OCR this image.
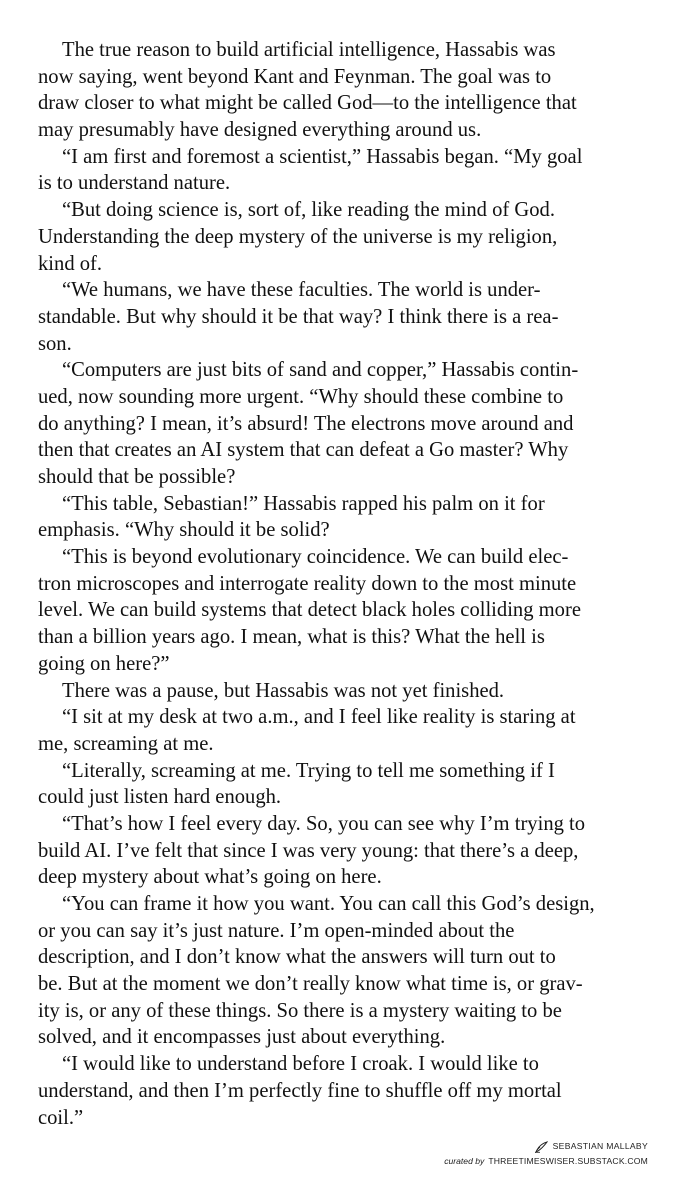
The true reason to build artificial intelligence, Hassabis was
now saying, went beyond Kant and Feynman. The goal was to
draw closer to what might be called God—to the intelligence that
may presumably have designed everything around us.
“I am first and foremost a scientist,” Hassabis began. “My goal
is to understand nature.
“But doing science is, sort of, like reading the mind of God.
Understanding the deep mystery of the universe is my religion,
kind of.
“We humans, we have these faculties. The world is under-
standable. But why should it be that way? I think there is a rea-
son.
“Computers are just bits of sand and copper,” Hassabis contin-
ued, now sounding more urgent. “Why should these combine to
do anything? I mean, it’s absurd! The electrons move around and
then that creates an AI system that can defeat a Go master? Why
should that be possible?
“This table, Sebastian!” Hassabis rapped his palm on it for
emphasis. “Why should it be solid?
“This is beyond evolutionary coincidence. We can build elec-
tron microscopes and interrogate reality down to the most minute
level. We can build systems that detect black holes colliding more
than a billion years ago. I mean, what is this? What the hell is
going on here?”
There was a pause, but Hassabis was not yet finished.
“I sit at my desk at two a.m., and I feel like reality is staring at
me, screaming at me.
“Literally, screaming at me. Trying to tell me something if I
could just listen hard enough.
“That’s how I feel every day. So, you can see why I’m trying to
build AI. I’ve felt that since I was very young: that there’s a deep,
deep mystery about what’s going on here.
“You can frame it how you want. You can call this God’s design,
or you can say it’s just nature. I’m open-minded about the
description, and I don’t know what the answers will turn out to
be. But at the moment we don’t really know what time is, or grav-
ity is, or any of these things. So there is a mystery waiting to be
solved, and it encompasses just about everything.
“I would like to understand before I croak. I would like to
understand, and then I’m perfectly fine to shuffle off my mortal
coil.”
SEBASTIAN MALLABY
curated by THREETIMESWISER.SUBSTACK.COM
